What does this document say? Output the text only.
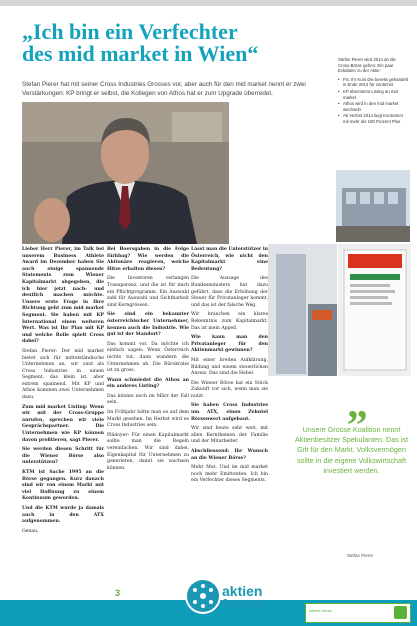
„Ich bin ein Verfechter
des mid market in Wien“
Stefan Pierer hat mit seiner Cross Industries Grosses vor, aber auch für den mid market nennt er zwei Verstärkungen: KP bringt er selbst, die Kollegen von Athos hat er zum Upgrade überredet.
Stefan Pierer wird 2014 an die Cross-Börse gehen: Ein paar Eckdaten zu der Aktie:
• Fix: Ihr Kurs Die bereits gehandelt in Ende 2014 für zunächst
• KP übernimmt Listing an mid market
• Athos wird in den mid market wechseln
• Ab Herbst 2014 liegt Kontramer mit mehr als 100 Prozent Plus

Lieber Herr Pierer, im Talk bei unserem Business Athlete Award im Dezember haben Sie auch einige spannende Statements zum Wiener Kapitalmarkt abgegeben, die ich hier jetzt nach- und deutlich machen möchte. Unsere erste Frage in Ihre Richtung geht zum mid market Segment. Sie haben mit KP International einen weiteren Wert. Was ist Ihr Plan mit KP und welche Rolle spielt Cross dabei?

Stefan Pierer: Der mid market bietet sich für mittelständische Unternehmen an, wir sind als Cross Industries in einem Segment, das klein ist, aber extrem spannend. Mit KP und Athos kommen zwei Unternehmen dazu.

Zum mid market Listing: Wenn wir mit der Cross-Gruppe anrufen, sprechen wir viele Gesprächspartner. Die Unternehmen wie KP können davon profitieren, sagt Pierer.

Sie werden diesen Schritt für die Wiener Börse also unterstützen?

KTM ist Sache 1995 an die Börse gegangen. Kurz danach sind wir von einem Markt mit viel Hoffnung zu einem Kontinuum geworden.

Und die KTM wurde ja damals auch in den ATX aufgenommen.

Genau.

Bei Boersgaben in die Folge fürhbag? Wie werden die Aktionäre reagieren, welche Hitze erhalten diesen?

Die Investoren verlangen Transparenz, und die ist für mich ein Pflichtprogramm. Ein Auswahl zahl für Auswahl und Sichtbarkeit sind Kerngrössen.

Sie sind ein bekannter österreichischer Unternehmer, kennen auch die Industrie. Wie gut ist der Standort?

Das kommt vor. Da möchte ich einfach sagen: Wenn Österreich nichts tut, dann wandern die Unternehmen ab. Die Bürokratie ist zu gross.

Wann schmiedet die Athos an ein anderes Listing?

Das könnte noch im März der Fall sein.

Im Frühjahr hätte man es auf dem Markt gesehen. Im Herbst wird es Cross Industries sein.

Plädoyer: Für einen Kapitalmarkt sollte man die Regeln vereinfachen. Wir sind dabei, Eigenkapital für Unternehmen zu generieren, damit sie wachsen können.

Lässt man die Unterstützer in Österreich, wie nicht den Kapitalmarkt eine Bedeutung?

Die Aussage des Bundesministers hat dazu geführt, dass die Erhöhung der Steuer für Privatanleger kommt, und das ist der falsche Weg.

Wir brauchen ein klares Bekenntnis zum Kapitalmarkt. Das ist mein Appell.

Wie kann man den Privatanleger für den Aktienmarkt gewinnen?

Mit einer breiten Aufklärung, Bildung und einem steuerlichen Anreiz. Das sind die Hebel.

Die Wiener Börse hat ein Stück Zukunft vor sich, wenn man sie nutzt.

Sie haben Cross Industries um ATX, einen Zehntel Börsenwert aufgebaut.

Wir sind heute sehr weit, mit allen Kernthemen der Familie und der Mitarbeiter.

Abschliessend: Ihr Wunsch an die Wiener Börse?

Mehr Mut. Und im mid market noch mehr Emittenten. Ich bin ein Verfechter dieses Segments.

„
Unsere Grosse Koalition nennt Aktienbesitzer Spekulanten. Das ist Gift für den Markt. Volksvermögen sollte in die eigene Volkswirtschaft investiert werden.
Stefan Pierer
3	aktien
forum	wiener börse
